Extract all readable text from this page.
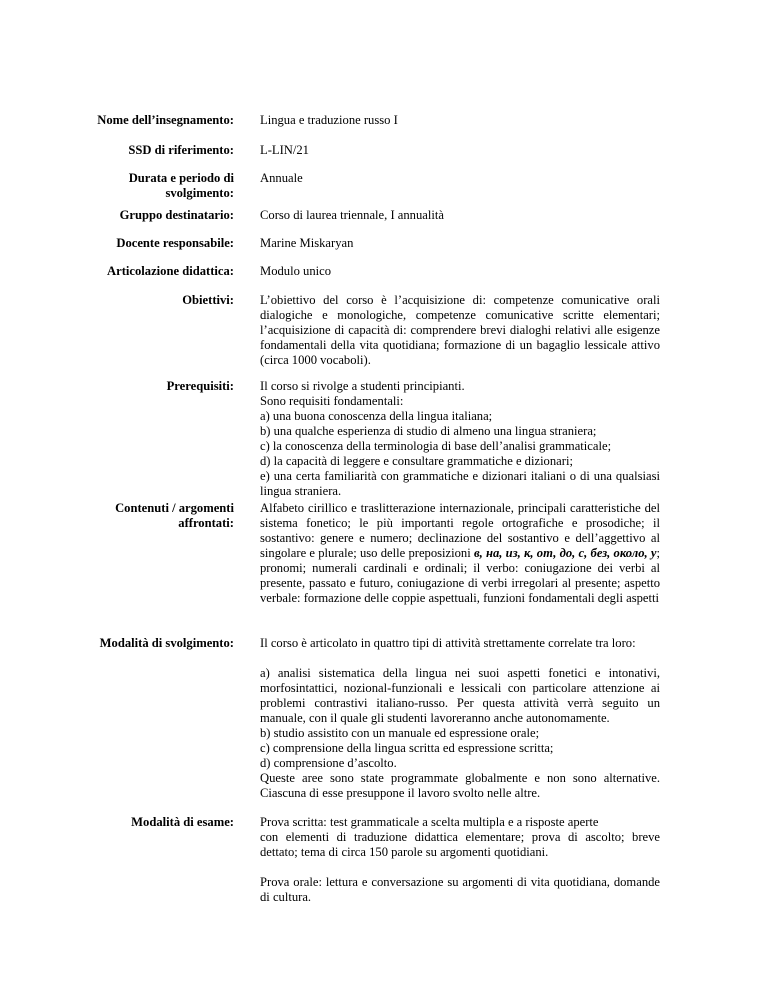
Nome dell’insegnamento: Lingua e traduzione russo I
SSD di riferimento: L-LIN/21
Durata e periodo di
svolgimento:
Annuale
Gruppo destinatario: Corso di laurea triennale, I annualità
Docente responsabile: Marine Miskaryan
Articolazione didattica: Modulo unico
Obiettivi: L’obiettivo del corso è l’acquisizione di: competenze comunicative orali dialogiche e monologiche, competenze comunicative scritte elementari; l’acquisizione di capacità di: comprendere brevi dialoghi relativi alle esigenze fondamentali della vita quotidiana; formazione di un bagaglio lessicale attivo (circa 1000 vocaboli).
Prerequisiti: Il corso si rivolge a studenti principianti.
Sono requisiti fondamentali:
a) una buona conoscenza della lingua italiana;
b) una qualche esperienza di studio di almeno una lingua straniera;
c) la conoscenza della terminologia di base dell’analisi grammaticale;
d) la capacità di leggere e consultare grammatiche e dizionari;

e) una certa familiarità con grammatiche e dizionari italiani o di una qualsiasi lingua straniera.

Contenuti / argomenti
affrontati:
Alfabeto cirillico e traslitterazione internazionale, principali caratteristiche del sistema fonetico; le più importanti regole ortografiche e prosodiche; il sostantivo: genere e numero; declinazione del sostantivo e dell’aggettivo al singolare e plurale; uso delle preposizioni в, на, из, к, от, до, с, без, около, у; pronomi; numerali cardinali e ordinali; il verbo: coniugazione dei verbi al presente, passato e futuro, coniugazione di verbi irregolari al presente; aspetto verbale: formazione delle coppie aspettuali, funzioni fondamentali degli aspetti
Modalità di svolgimento: Il corso è articolato in quattro tipi di attività strettamente correlate tra loro:

a) analisi sistematica della lingua nei suoi aspetti fonetici e intonativi, morfosintattici, nozional-funzionali e lessicali con particolare attenzione ai problemi contrastivi italiano-russo. Per questa attività verrà seguito un manuale, con il quale gli studenti lavoreranno anche autonomamente.

b) studio assistito con un manuale ed espressione orale;

c) comprensione della lingua scritta ed espressione scritta;

d) comprensione d’ascolto.

Queste aree sono state programmate globalmente e non sono alternative. Ciascuna di esse presuppone il lavoro svolto nelle altre.

Modalità di esame: Prova scritta: test grammaticale a scelta multipla e a risposte aperte

con elementi di traduzione didattica elementare; prova di ascolto; breve dettato; tema di circa 150 parole su argomenti quotidiani.

Prova orale: lettura e conversazione su argomenti di vita quotidiana, domande di cultura.
